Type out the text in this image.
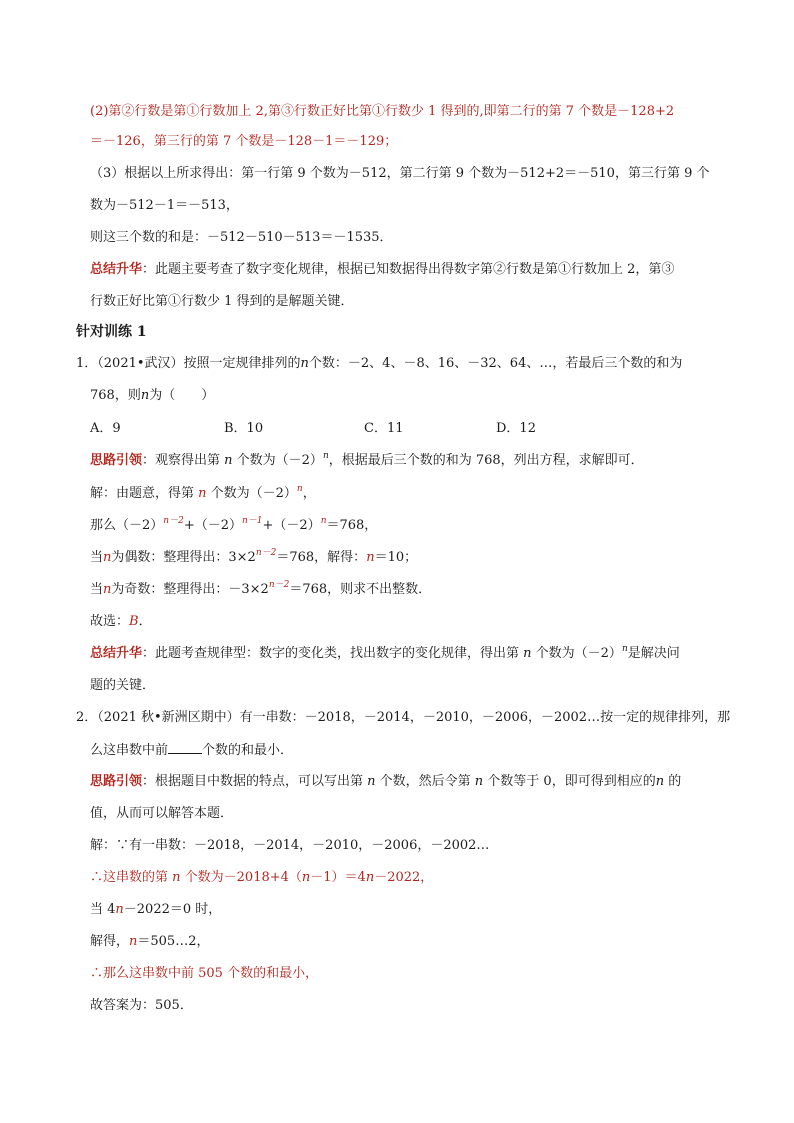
(2)第②行数是第①行数加上 2,第③行数正好比第①行数少 1 得到的,即第二行的第 7 个数是－128+2
＝－126，第三行的第 7 个数是－128－1＝－129；
（3）根据以上所求得出：第一行第 9 个数为－512，第二行第 9 个数为－512+2＝－510，第三行第 9 个
数为－512－1＝－513，
则这三个数的和是：－512－510－513＝－1535．
总结升华：此题主要考查了数字变化规律，根据已知数据得出得数字第②行数是第①行数加上 2，第③
行数正好比第①行数少 1 得到的是解题关键．
针对训练 1
1．（2021•武汉）按照一定规律排列的n个数：－2、4、－8、16、－32、64、…，若最后三个数的和为
768，则n为（　　）
A．9	B．10	C．11	D．12
思路引领：观察得出第 n 个数为$(-2)^n$，根据最后三个数的和为 768，列出方程，求解即可．
解：由题意，得第 n 个数为$(-2)^n$，
那么$(-2)^{n-2}+(-2)^{n-1}+(-2)^n=768$，
当n为偶数：整理得出：$3\times 2^{n-2}=768$，解得：n＝10；
当n为奇数：整理得出：$-3\times 2^{n-2}=768$，则求不出整数．
故选：B．
总结升华：此题考查规律型：数字的变化类，找出数字的变化规律，得出第 n 个数为$(-2)^n$是解决问
题的关键．
2．（2021 秋•新洲区期中）有一串数：－2018，－2014，－2010，－2006，－2002…按一定的规律排列，那
么这串数中前	个数的和最小．
思路引领：根据题目中数据的特点，可以写出第 n 个数，然后令第 n 个数等于 0，即可得到相应的n 的
值，从而可以解答本题．
解：∵有一串数：－2018，－2014，－2010，－2006，－2002…
∴这串数的第 n 个数为－2018+4（n－1）＝4n－2022，
当 4n－2022＝0 时，
解得，n＝505…2，
∴那么这串数中前 505 个数的和最小，
故答案为：505．
